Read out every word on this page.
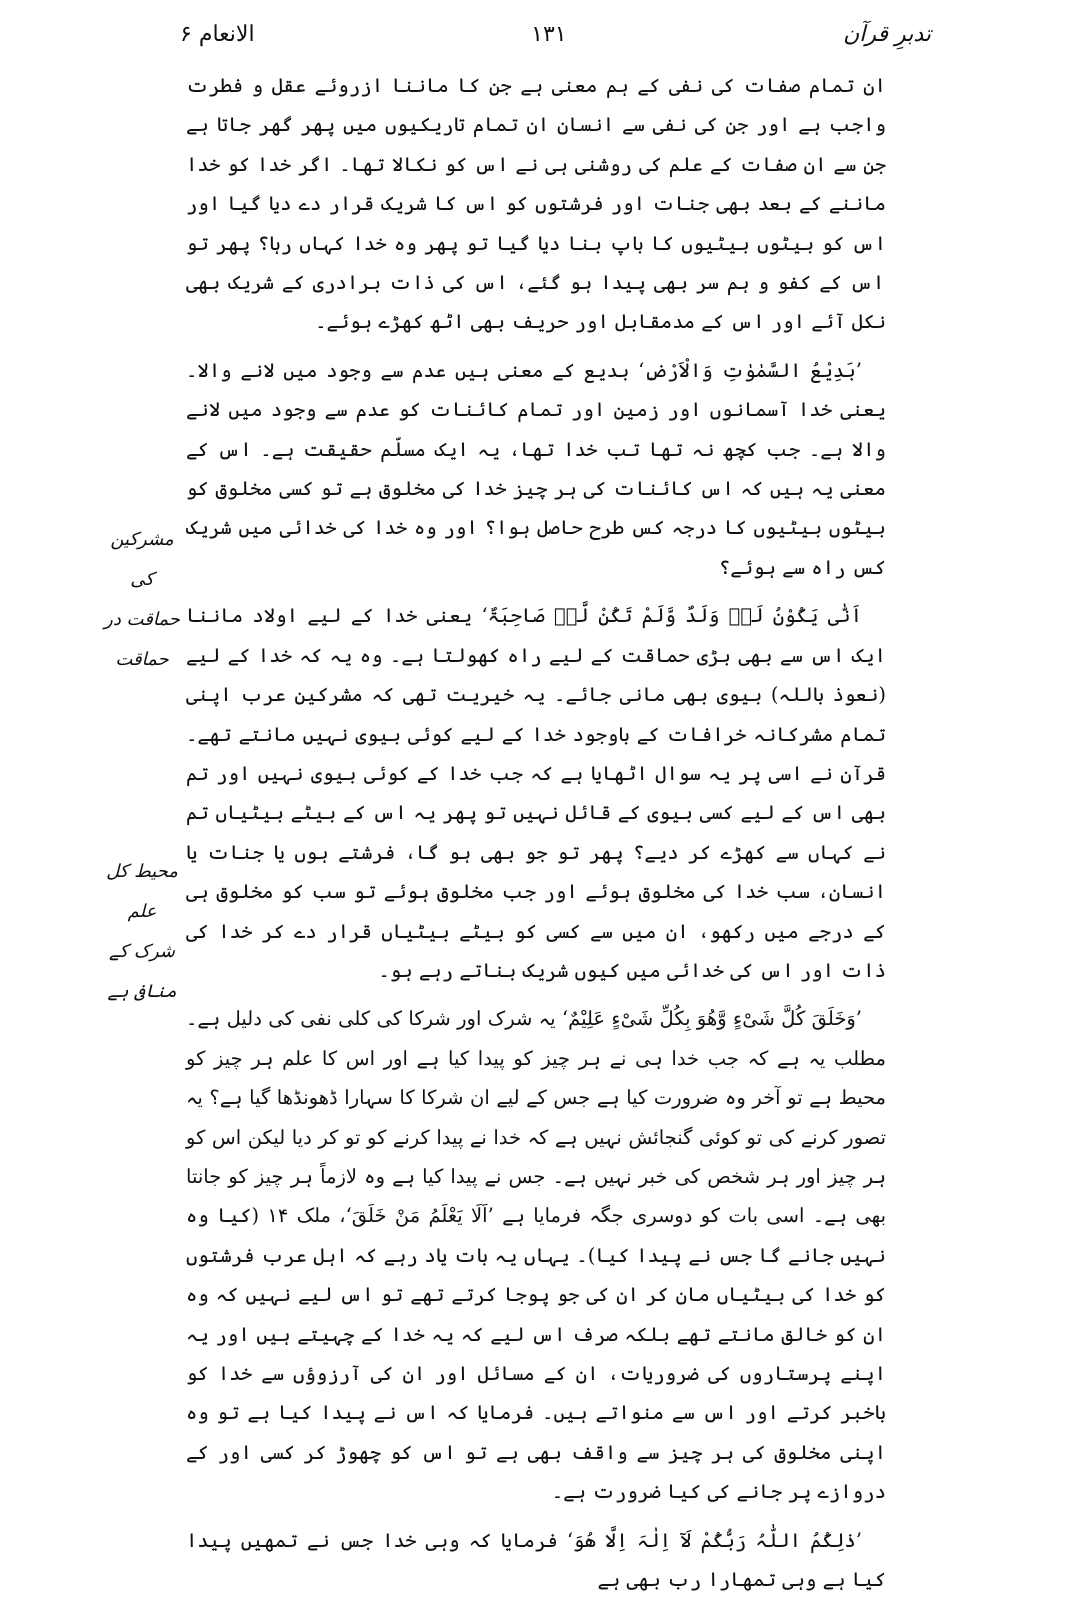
تدبرِ قرآن
۱۳۱
الانعام ۶

ان تمام صفات کی نفی کے ہم معنی ہے جن کا ماننا ازروئے عقل و فطرت واجب ہے اور جن کی نفی سے انسان ان تمام تاریکیوں میں پھر گھر جاتا ہے جن سے ان صفات کے علم کی روشنی ہی نے اس کو نکالا تھا۔ اگر خدا کو خدا ماننے کے بعد بھی جنات اور فرشتوں کو اس کا شریک قرار دے دیا گیا اور اس کو بیٹوں بیٹیوں کا باپ بنا دیا گیا تو پھر وہ خدا کہاں رہا؟ پھر تو اس کے کفو و ہم سر بھی پیدا ہو گئے، اس کی ذات برادری کے شریک بھی نکل آئے اور اس کے مدمقابل اور حریف بھی اٹھ کھڑے ہوئے۔

’بَدِیْعُ السَّمٰوٰتِ وَالْاَرْضِ‘ بدیع کے معنی ہیں عدم سے وجود میں لانے والا۔ یعنی خدا آسمانوں اور زمین اور تمام کائنات کو عدم سے وجود میں لانے والا ہے۔ جب کچھ نہ تھا تب خدا تھا، یہ ایک مسلّم حقیقت ہے۔ اس کے معنی یہ ہیں کہ اس کائنات کی ہر چیز خدا کی مخلوق ہے تو کسی مخلوق کو بیٹوں بیٹیوں کا درجہ کس طرح حاصل ہوا؟ اور وہ خدا کی خدائی میں شریک کس راہ سے ہوئے؟

اَنّٰی یَکُوْنُ لَہٗ وَلَدٌ وَّلَمْ تَکُنْ لَّہٗ صَاحِبَۃٌ‘ یعنی خدا کے لیے اولاد ماننا ایک اس سے بھی بڑی حماقت کے لیے راہ کھولتا ہے۔ وہ یہ کہ خدا کے لیے (نعوذ باللہ) بیوی بھی مانی جائے۔ یہ خیریت تھی کہ مشرکین عرب اپنی تمام مشرکانہ خرافات کے باوجود خدا کے لیے کوئی بیوی نہیں مانتے تھے۔ قرآن نے اسی پر یہ سوال اٹھایا ہے کہ جب خدا کے کوئی بیوی نہیں اور تم بھی اس کے لیے کسی بیوی کے قائل نہیں تو پھر یہ اس کے بیٹے بیٹیاں تم نے کہاں سے کھڑے کر دیے؟ پھر تو جو بھی ہو گا، فرشتے ہوں یا جنات یا انسان، سب خدا کی مخلوق ہوئے اور جب مخلوق ہوئے تو سب کو مخلوق ہی کے درجے میں رکھو، ان میں سے کسی کو بیٹے بیٹیاں قرار دے کر خدا کی ذات اور اس کی خدائی میں کیوں شریک بناتے رہے ہو۔

’وَخَلَقَ کُلَّ شَیْءٍ وَّھُوَ بِکُلِّ شَیْءٍ عَلِیْمٌ‘ یہ شرک اور شرکا کی کلی نفی کی دلیل ہے۔ مطلب یہ ہے کہ جب خدا ہی نے ہر چیز کو پیدا کیا ہے اور اس کا علم ہر چیز کو محیط ہے تو آخر وہ ضرورت کیا ہے جس کے لیے ان شرکا کا سہارا ڈھونڈھا گیا ہے؟ یہ تصور کرنے کی تو کوئی گنجائش نہیں ہے کہ خدا نے پیدا کرنے کو تو کر دیا لیکن اس کو ہر چیز اور ہر شخص کی خبر نہیں ہے۔ جس نے پیدا کیا ہے وہ لازماً ہر چیز کو جانتا بھی ہے۔ اسی بات کو دوسری جگہ فرمایا ہے ’اَلَا یَعْلَمُ مَنْ خَلَقَ‘، ملک ۱۴ (کیا وہ نہیں جانے گا جس نے پیدا کیا)۔ یہاں یہ بات یاد رہے کہ اہل عرب فرشتوں کو خدا کی بیٹیاں مان کر ان کی جو پوجا کرتے تھے تو اس لیے نہیں کہ وہ ان کو خالق مانتے تھے بلکہ صرف اس لیے کہ یہ خدا کے چہیتے ہیں اور یہ اپنے پرستاروں کی ضروریات، ان کے مسائل اور ان کی آرزوؤں سے خدا کو باخبر کرتے اور اس سے منواتے ہیں۔ فرمایا کہ اس نے پیدا کیا ہے تو وہ اپنی مخلوق کی ہر چیز سے واقف بھی ہے تو اس کو چھوڑ کر کسی اور کے دروازے پر جانے کی کیا ضرورت ہے۔

’ذٰلِکُمُ اللّٰہُ رَبُّکُمْ لَآ اِلٰہَ اِلَّا ھُوَ‘ فرمایا کہ وہی خدا جس نے تمھیں پیدا کیا ہے وہی تمھارا رب بھی ہے

مشرکین کی
حماقت در
حماقت
محیط کل علم
شرک کے
منافی ہے
